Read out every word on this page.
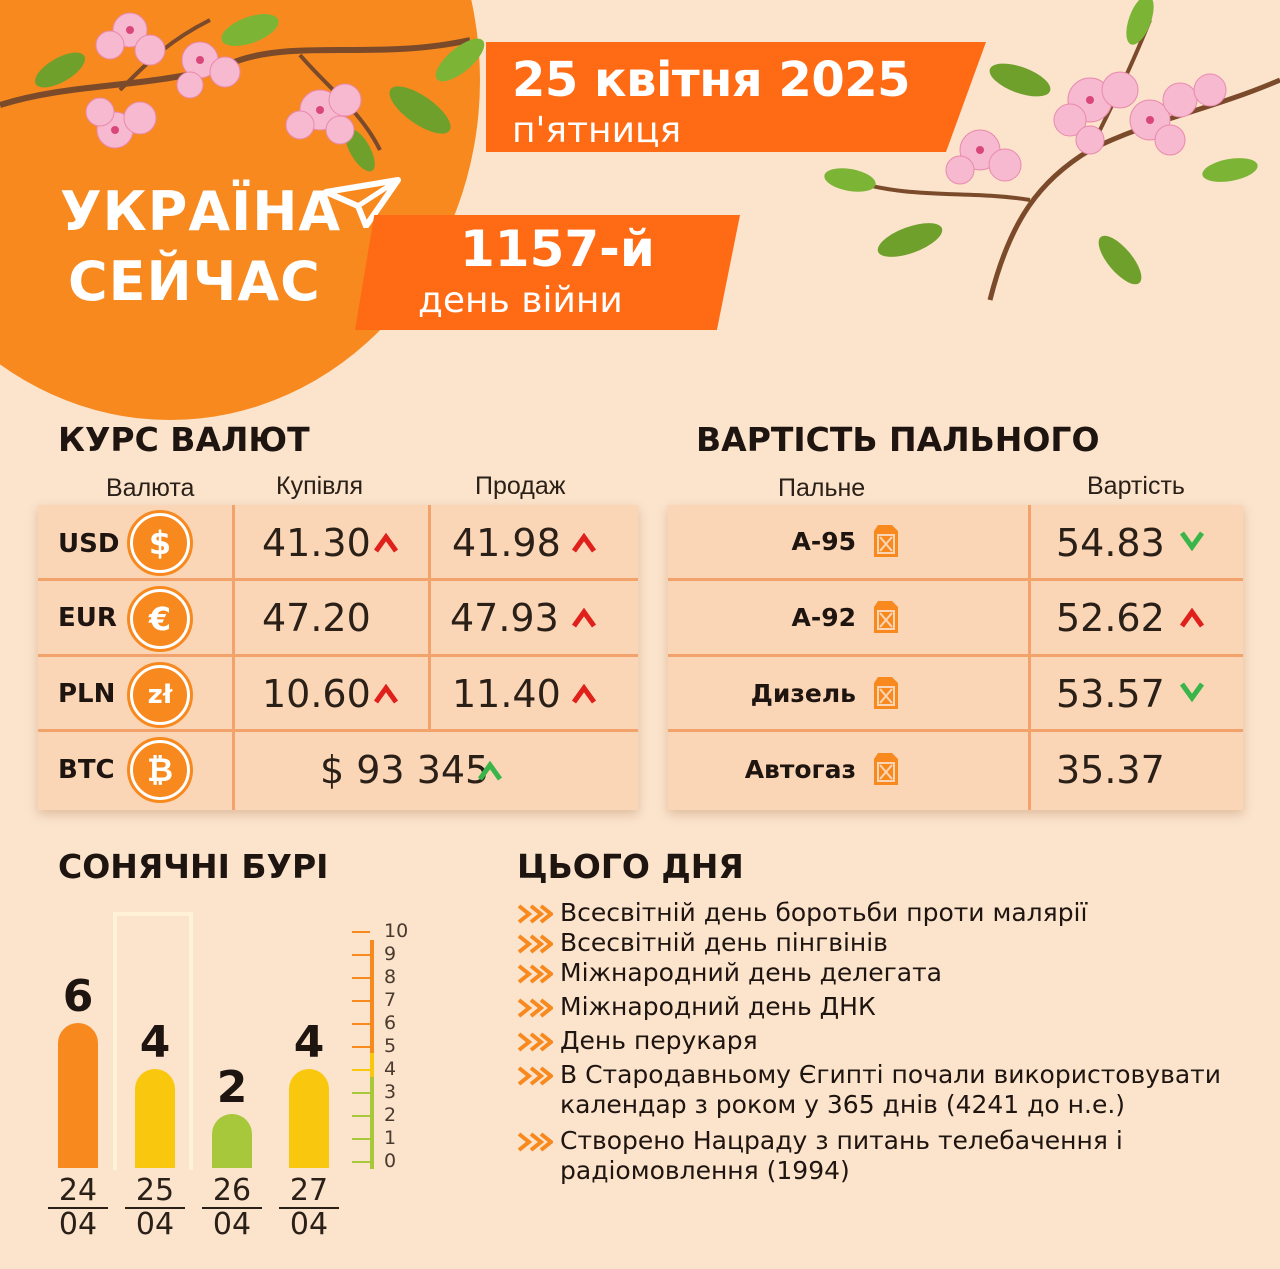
25 квітня 2025
п'ятниця
УКРАЇНА
СЕЙЧАС
1157-й
день війни
КУРС ВАЛЮТ
Валюта	Купівля	Продаж
USD $	41.30 41.98
EUR €	47.20 47.93
PLN	zł	10.60 11.40
BTC	₿	$ 93 345
ВАРТІСТЬ ПАЛЬНОГО
Пальне	Вартість
А-95	54.83
А-92	52.62
Дизель	53.57
Автогаз	35.37
СОНЯЧНІ БУРІ
6
24
04
4
25
04
2
26
04
4
27
04
10
9
8
7
6
5
4
3
2
1
0
ЦЬОГО ДНЯ
Всесвітній день боротьби проти малярії
Всесвітній день пінгвінів
Міжнародний день делегата
Міжнародний день ДНК
День перукаря
В Стародавньому Єгипті почали використовувати календар з роком у 365 днів (4241 до н.е.)
Створено Нацраду з питань телебачення і радіомовлення (1994)
